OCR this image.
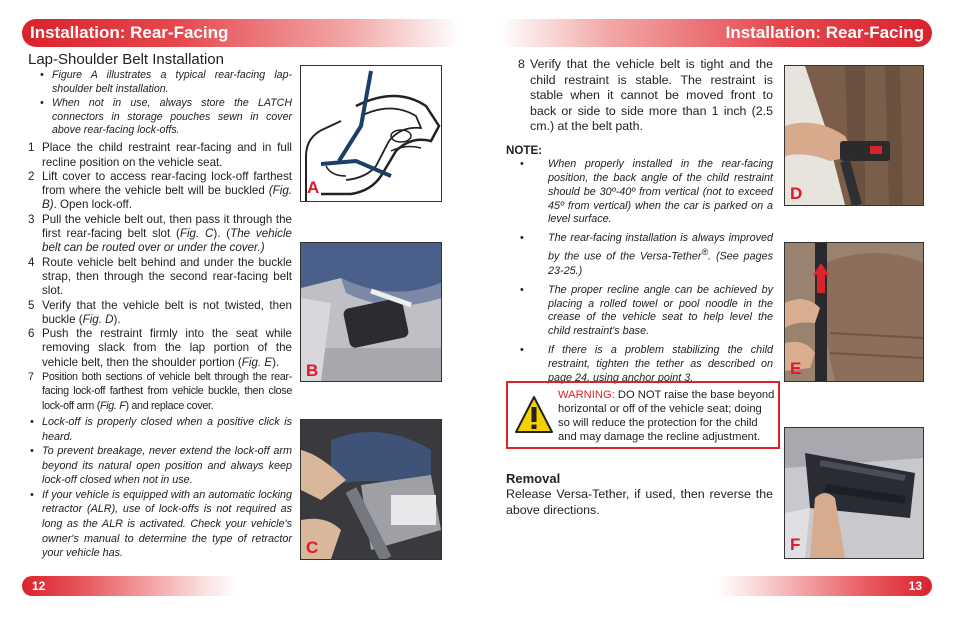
Installation: Rear-Facing

Lap-Shoulder Belt Installation

• Figure A illustrates a typical rear-facing lap-shoulder belt installation.

• When not in use, always store the LATCH connectors in storage pouches sewn in cover above rear-facing lock-offs.

1 Place the child restraint rear-facing and in full recline position on the vehicle seat.

2 Lift cover to access rear-facing lock-off farthest from where the vehicle belt will be buckled (Fig. B). Open lock-off.

3 Pull the vehicle belt out, then pass it through the first rear-facing belt slot (Fig. C). (The vehicle belt can be routed over or under the cover.)

4 Route vehicle belt behind and under the buckle strap, then through the second rear-facing belt slot.

5 Verify that the vehicle belt is not twisted, then buckle (Fig. D).

6 Push the restraint firmly into the seat while removing slack from the lap portion of the vehicle belt, then the shoulder portion (Fig. E).

7 Position both sections of vehicle belt through the rear-facing lock-off farthest from vehicle buckle, then close lock-off arm (Fig. F) and replace cover.

• Lock-off is properly closed when a positive click is heard.

• To prevent breakage, never extend the lock-off arm beyond its natural open position and always keep lock-off closed when not in use.

• If your vehicle is equipped with an automatic locking retractor (ALR), use of lock-offs is not required as long as the ALR is activated. Check your vehicle's owner's manual to determine the type of retractor your vehicle has.

A
B
C
12
Installation: Rear-Facing

8 Verify that the vehicle belt is tight and the child restraint is stable. The restraint is stable when it cannot be moved front to back or side to side more than 1 inch (2.5 cm.) at the belt path.

NOTE:

• When properly installed in the rear-facing position, the back angle of the child restraint should be 30º-40º from vertical (not to exceed 45º from vertical) when the car is parked on a level surface.

• The rear-facing installation is always improved by the use of the Versa-Tether®. (See pages 23-25.)

• The proper recline angle can be achieved by placing a rolled towel or pool noodle in the crease of the vehicle seat to help level the child restraint's base.

• If there is a problem stabilizing the child restraint, tighten the tether as described on page 24, using anchor point 3.

WARNING: DO NOT raise the base beyond horizontal or off of the vehicle seat; doing so will reduce the protection for the child and may damage the recline adjustment.

Removal

Release Versa-Tether, if used, then reverse the above directions.

D
E
F
13
